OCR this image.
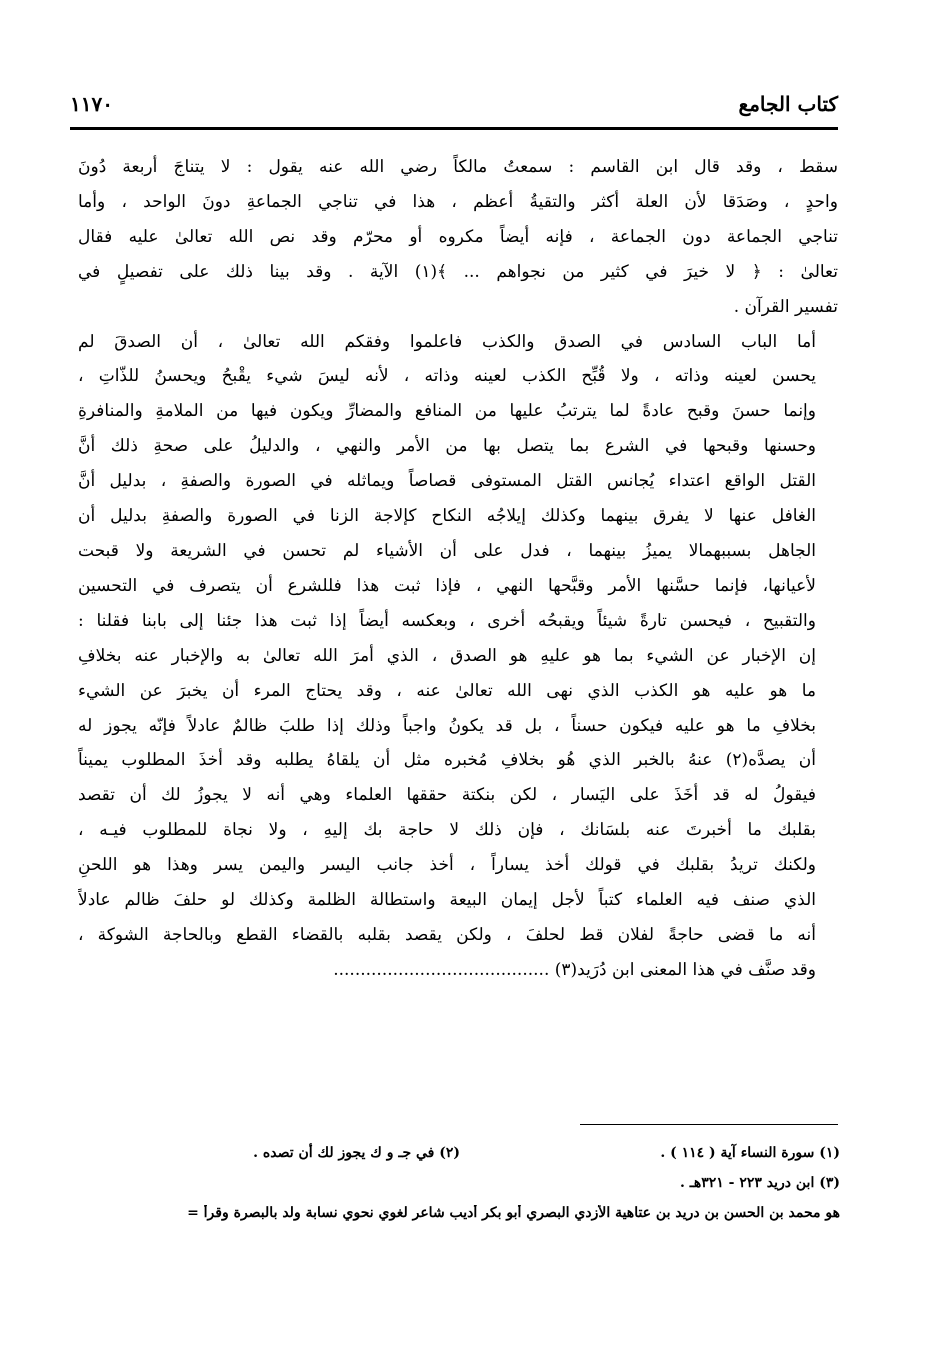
كتاب الجامع
١١٧٠

سقط ، وقد قال ابن القاسم : سمعتُ مالكاً رضي الله عنه يقول : لا يتناجَ أربعة دُونَ
واحدٍ ، وصَدَقا لأن العلة أكثر والتقيةُ أعظم ، هذا في تناجي الجماعةِ دونَ الواحد ، وأما
تناجي الجماعة دون الجماعة ، فإنه أيضاً مكروه أو محرّم وقد نص الله تعالىٰ عليه فقال
تعالىٰ : ﴿ لا خيرَ في كثير من نجواهم ... ﴾(١) الآية . وقد بينا ذلك على تفصيلٍ في
تفسير القرآن .

أما الباب السادس في الصدق والكذب فاعلموا وفقكم الله تعالىٰ ، أن الصدقَ لم
يحسن لعينه وذاته ، ولا قُبِّح الكذب لعينه وذاته ، لأنه ليسَ شيء يقْبحُ ويحسنُ للذّاتِ ،
وإنما حسنَ وقبح عادةً لما يترتبُ عليها من المنافع والمضارِّ ويكون فيها من الملامةِ والمنافرةِ
وحسنها وقبحها في الشرع بما يتصل بها من الأمر والنهي ، والدليلُ على صحةِ ذلك أنَّ
القتل الواقع اعتداء يُجانس القتل المستوفى قصاصاً ويماثله في الصورة والصفةِ ، بدليل أنَّ
الغافل عنها لا يفرق بينهما وكذلك إيلاجُه النكاح كإلاجة الزنا في الصورة والصفةِ بدليل أن
الجاهل بسببهمالا يميزُ بينهما ، فدل على أن الأشياء لم تحسن في الشريعة ولا قبحت
لأعيانها، فإنما حسَّنها الأمر وقبَّحها النهي ، فإذا ثبت هذا فللشرع أن يتصرف في التحسين
والتقبيح ، فيحسن تارةً شيئاً ويقبحُه أخرى ، وبعكسه أيضاً إذا ثبت هذا جئنا إلى بابنا فقلنا :
إن الإخبار عن الشيء بما هو عليهِ هو الصدق ، الذي أمرَ الله تعالىٰ به والإخبار عنه بخلافِ
ما هو عليه هو الكذب الذي نهى الله تعالىٰ عنه ، وقد يحتاج المرء أن يخبرَ عن الشيء
بخلافِ ما هو عليه فيكون حسناً ، بل قد يكونُ واجباً وذلك إذا طلبَ ظالمٌ عادلاً فإنّه يجوز له
أن يصدَّه(٢) عنهُ بالخبر الذي هُو بخلافِ مُخبره مثل أن يلقاهُ يطلبه وقد أخذَ المطلوب يميناً
فيقولُ له قد أخَذَ على اليَسار ، لكن بنكتة حققها العلماء وهي أنه لا يجوزُ لك أن تقصد
بقلبك ما أخبرتَ عنه بلسَانك ، فإن ذلك لا حاجة بك إليهِ ، ولا نجاة للمطلوب فيـه ،
ولكنك تريدُ بقلبك في قولك أخذ يساراً ، أخذ جانب اليسر واليمن يسر وهذا هو اللحنِ
الذي صنف فيه العلماء كتباً لأجل إيمان البيعة واستطالة الظلمة وكذلك لو حلفَ ظالم عادلاً
أنه ما قضى حاجةً لفلان قط لحلفَ ، ولكن يقصد بقلبه بالقضاء القطع وبالحاجة الشوكة ،
وقد صنَّف في هذا المعنى ابن دُرَيد(٣) ........................................

(١) سورة النساء آية ( ١١٤ ) .
(٢) في جـ و ك يجوز لك أن تصده .
(٣) ابن دريد ٢٢٣ - ٣٢١هـ .
هو محمد بن الحسن بن دريد بن عتاهية الأزدي البصري أبو بكر أديب شاعر لغوي نحوي نسابة ولد بالبصرة وقرأ =
